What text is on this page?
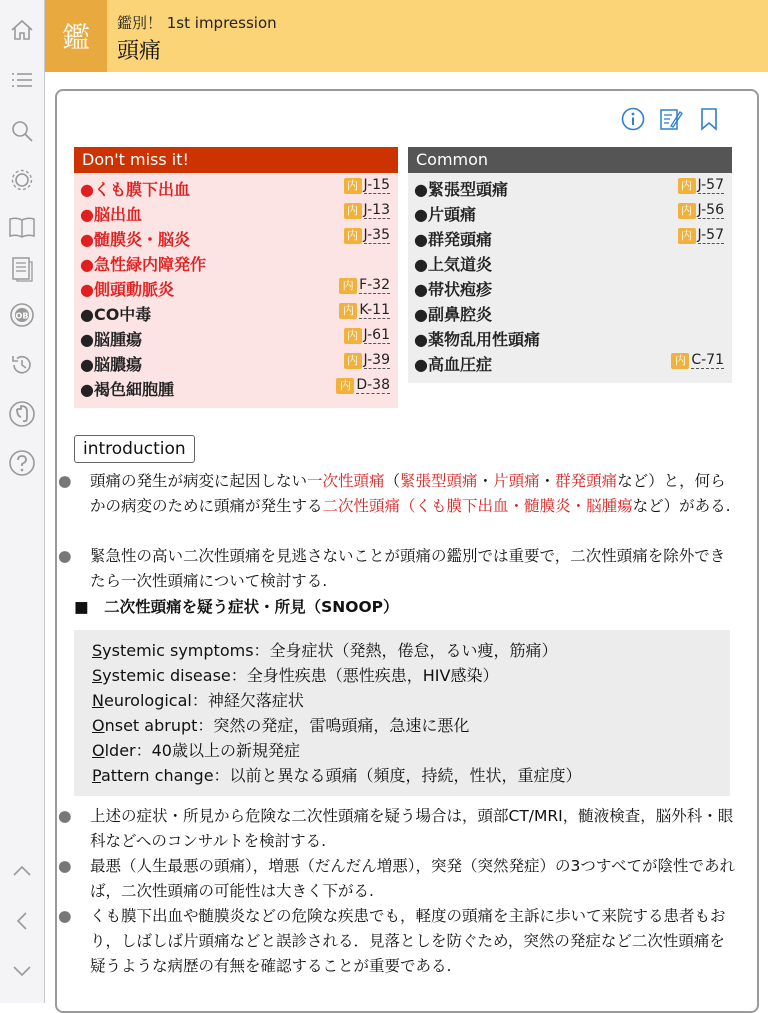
OB
鑑	鑑別！ 1st impression
頭痛
Don't miss it!
●くも膜下出血	内 J-15
●脳出血	内 J-13
●髄膜炎・脳炎	内 J-35
●急性緑内障発作
●側頭動脈炎	内 F-32
●CO中毒	内 K-11
●脳腫瘍	内 J-61
●脳膿瘍	内 J-39
●褐色細胞腫	内 D-38
Common
●緊張型頭痛	内 J-57
●片頭痛	内 J-56
●群発頭痛	内 J-57
●上気道炎
●帯状疱疹
●副鼻腔炎
●薬物乱用性頭痛
●高血圧症	内 C-71
introduction
● 頭痛の発生が病変に起因しない一次性頭痛（緊張型頭痛・片頭痛・群発頭痛など）と，何らかの病変のために頭痛が発生する二次性頭痛（くも膜下出血・髄膜炎・脳腫瘍など）がある.
● 緊急性の高い二次性頭痛を見逃さないことが頭痛の鑑別では重要で，二次性頭痛を除外できたら一次性頭痛について検討する.
■　二次性頭痛を疑う症状・所見（SNOOP）
Systemic symptoms：全身症状（発熱，倦怠，るい痩，筋痛）
Systemic disease：全身性疾患（悪性疾患，HIV感染）
Neurological：神経欠落症状
Onset abrupt：突然の発症，雷鳴頭痛，急速に悪化
Older：40歳以上の新規発症
Pattern change：以前と異なる頭痛（頻度，持続，性状，重症度）
● 上述の症状・所見から危険な二次性頭痛を疑う場合は，頭部CT/MRI，髄液検査，脳外科・眼科などへのコンサルトを検討する.
● 最悪（人生最悪の頭痛），増悪（だんだん増悪），突発（突然発症）の3つすべてが陰性であれば，二次性頭痛の可能性は大きく下がる.
● くも膜下出血や髄膜炎などの危険な疾患でも，軽度の頭痛を主訴に歩いて来院する患者もおり，しばしば片頭痛などと誤診される．見落としを防ぐため，突然の発症など二次性頭痛を疑うような病歴の有無を確認することが重要である.
